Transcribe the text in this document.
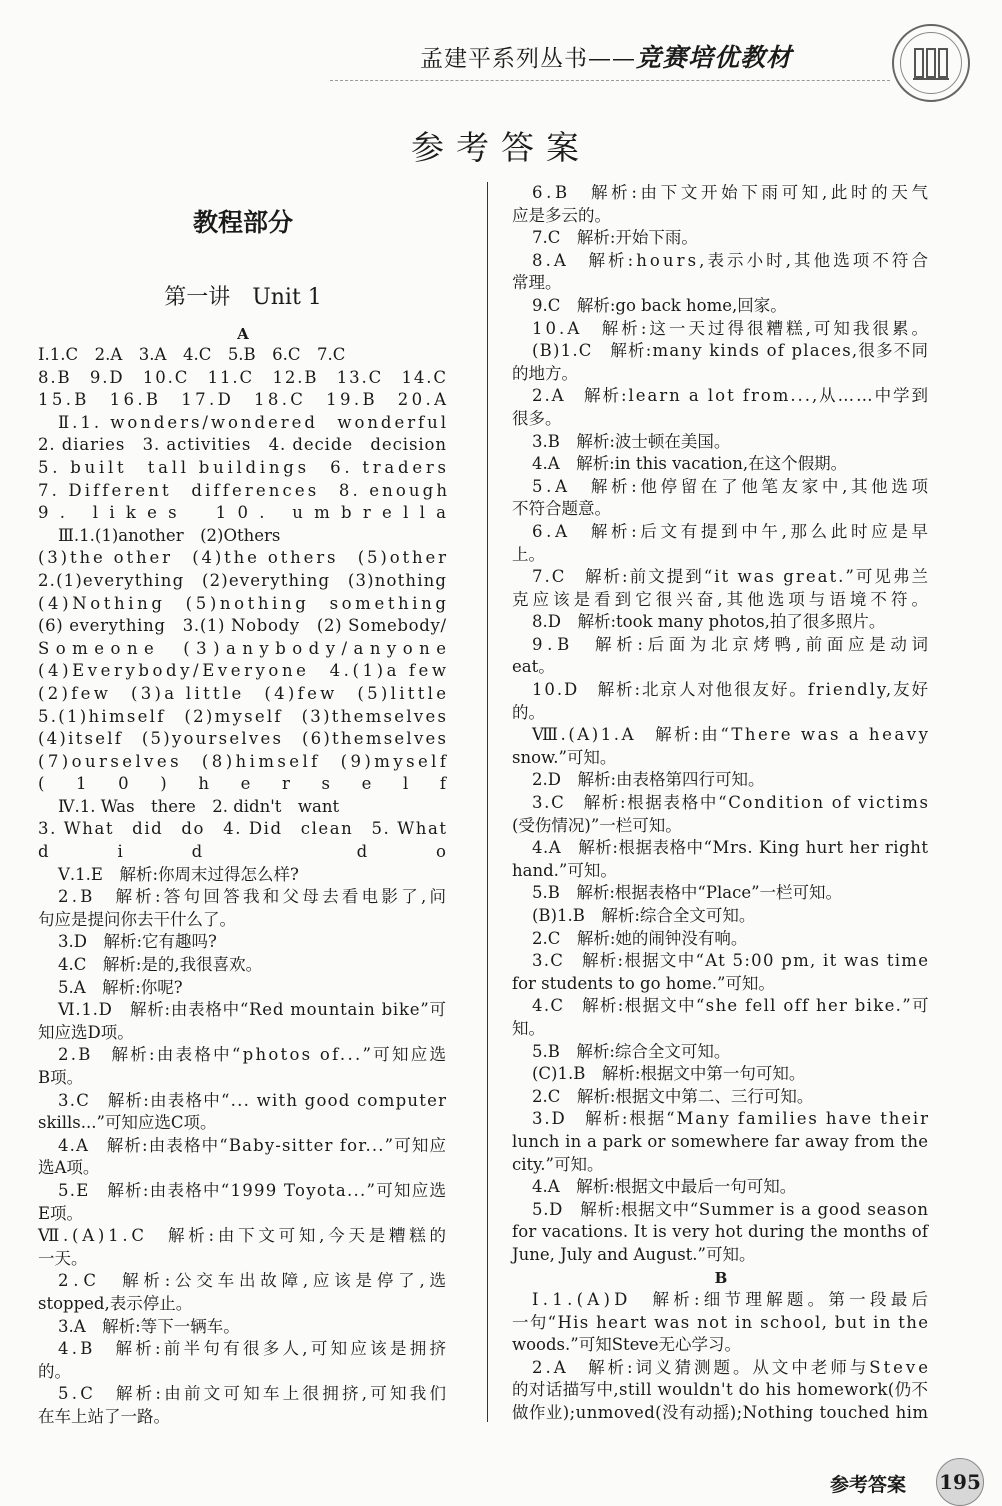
孟建平系列丛书——竞赛培优教材
参考答案
教程部分
第一讲　Unit 1
A
Ⅰ.1.C　2.A　3.A　4.C　5.B　6.C　7.C
8.B　9.D　10.C　11.C　12.B　13.C　14.C
15.B　16.B　17.D　18.C　19.B　20.A
Ⅱ.1. wonders/wondered　wonderful
2. diaries　3. activities　4. decide　decision
5. built　tall buildings　6. traders
7. Different　differences　8. enough
9. likes　10. umbrella
Ⅲ.1.(1)another　(2)Others
(3)the other　(4)the others　(5)other
2.(1)everything　(2)everything　(3)nothing
(4)Nothing　(5)nothing　something
(6) everything　3.(1) Nobody　(2) Somebody/
Someone　(3)anybody/anyone
(4)Everybody/Everyone　4.(1)a few
(2)few　(3)a little　(4)few　(5)little
5.(1)himself　(2)myself　(3)themselves
(4)itself　(5)yourselves　(6)themselves
(7)ourselves　(8)himself　(9)myself
(10)herself
Ⅳ.1. Was　there　2. didn't　want
3. What　did　do　4. Did　clean　5. What
did　do
Ⅴ.1.E　解析:你周末过得怎么样?
2.B　解析:答句回答我和父母去看电影了,问
句应是提问你去干什么了。
3.D　解析:它有趣吗?
4.C　解析:是的,我很喜欢。
5.A　解析:你呢?
Ⅵ.1.D　解析:由表格中“Red mountain bike”可
知应选D项。
2.B　解析:由表格中“photos of...”可知应选
B项。
3.C　解析:由表格中“... with good computer
skills...”可知应选C项。
4.A　解析:由表格中“Baby-sitter for...”可知应
选A项。
5.E　解析:由表格中“1999 Toyota...”可知应选
E项。
Ⅶ.(A)1.C　解析:由下文可知,今天是糟糕的
一天。
2.C　解析:公交车出故障,应该是停了,选
stopped,表示停止。
3.A　解析:等下一辆车。
4.B　解析:前半句有很多人,可知应该是拥挤
的。
5.C　解析:由前文可知车上很拥挤,可知我们
在车上站了一路。
6.B　解析:由下文开始下雨可知,此时的天气
应是多云的。
7.C　解析:开始下雨。
8.A　解析:hours,表示小时,其他选项不符合
常理。
9.C　解析:go back home,回家。
10.A　解析:这一天过得很糟糕,可知我很累。
(B)1.C　解析:many kinds of places,很多不同
的地方。
2.A　解析:learn a lot from...,从……中学到
很多。
3.B　解析:波士顿在美国。
4.A　解析:in this vacation,在这个假期。
5.A　解析:他停留在了他笔友家中,其他选项
不符合题意。
6.A　解析:后文有提到中午,那么此时应是早
上。
7.C　解析:前文提到“it was great.”可见弗兰
克应该是看到它很兴奋,其他选项与语境不符。
8.D　解析:took many photos,拍了很多照片。
9.B　解析:后面为北京烤鸭,前面应是动词
eat。
10.D　解析:北京人对他很友好。friendly,友好
的。
Ⅷ.(A)1.A　解析:由“There was a heavy
snow.”可知。
2.D　解析:由表格第四行可知。
3.C　解析:根据表格中“Condition of victims
(受伤情况)”一栏可知。
4.A　解析:根据表格中“Mrs. King hurt her right
hand.”可知。
5.B　解析:根据表格中“Place”一栏可知。
(B)1.B　解析:综合全文可知。
2.C　解析:她的闹钟没有响。
3.C　解析:根据文中“At 5:00 pm, it was time
for students to go home.”可知。
4.C　解析:根据文中“she fell off her bike.”可
知。
5.B　解析:综合全文可知。
(C)1.B　解析:根据文中第一句可知。
2.C　解析:根据文中第二、三行可知。
3.D　解析:根据“Many families have their
lunch in a park or somewhere far away from the
city.”可知。
4.A　解析:根据文中最后一句可知。
5.D　解析:根据文中“Summer is a good season
for vacations. It is very hot during the months of
June, July and August.”可知。
B
Ⅰ.1.(A)D　解析:细节理解题。第一段最后
一句“His heart was not in school, but in the
woods.”可知Steve无心学习。
2.A　解析:词义猜测题。从文中老师与Steve
的对话描写中,still wouldn't do his homework(仍不
做作业);unmoved(没有动摇);Nothing touched him
参考答案 195
